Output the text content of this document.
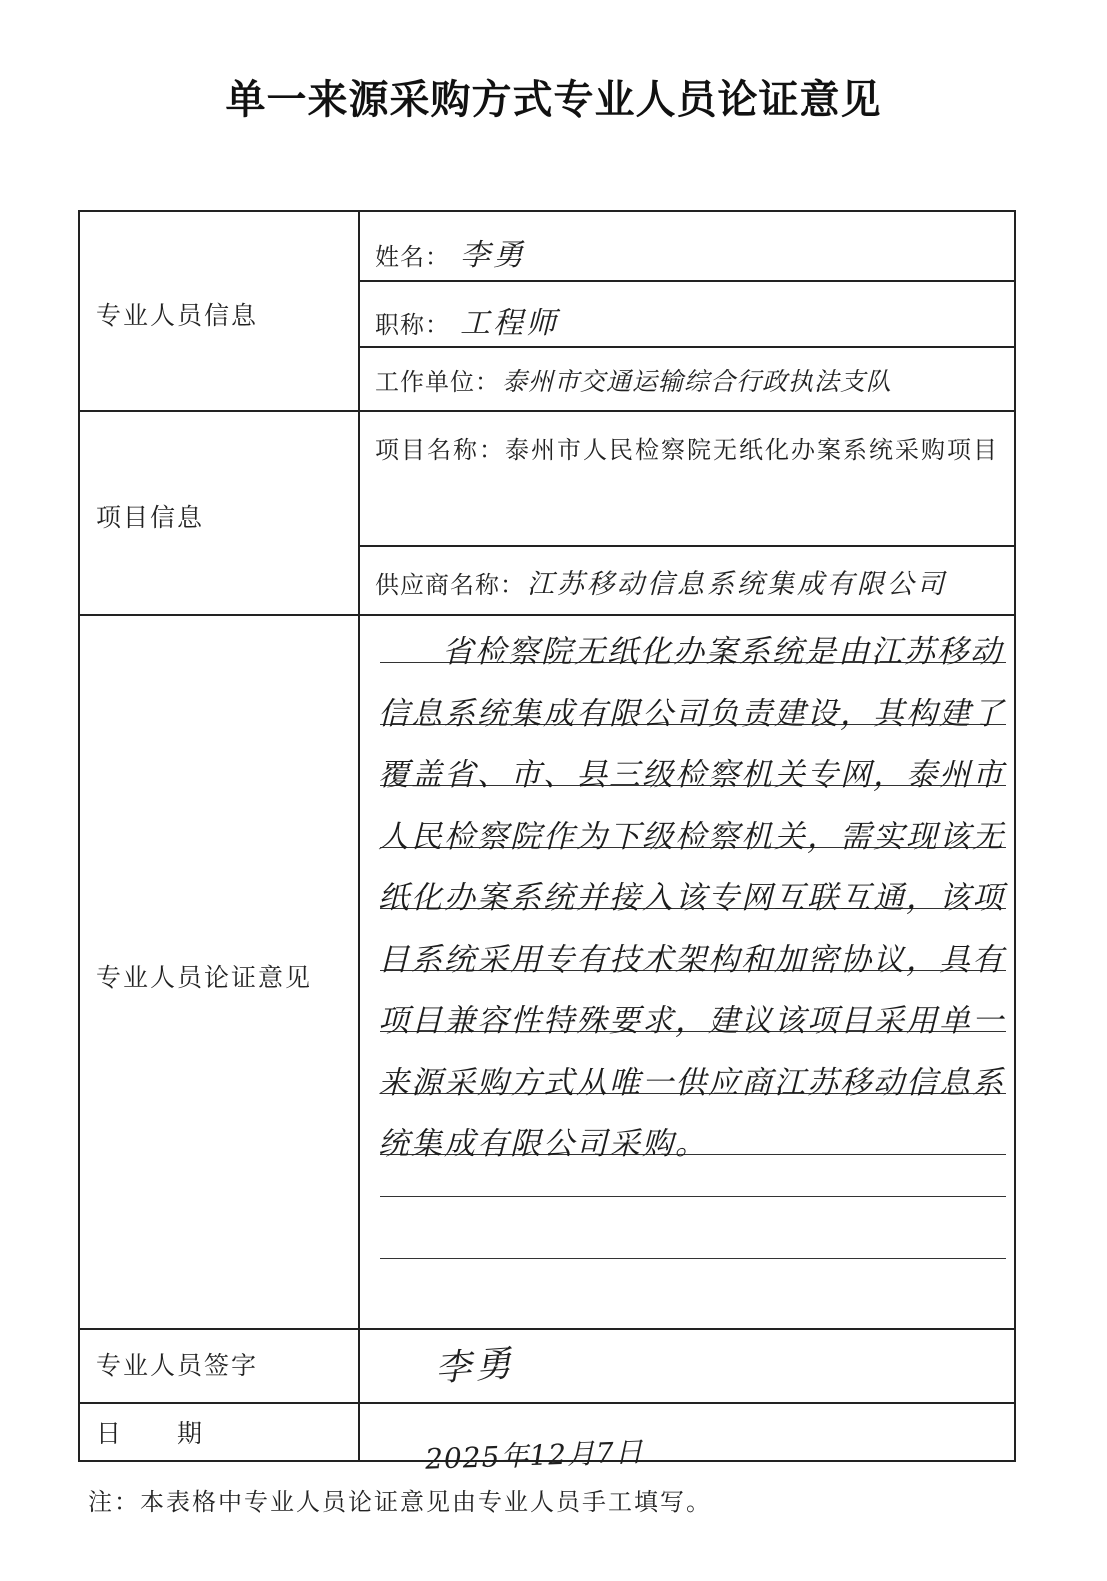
单一来源采购方式专业人员论证意见
专业人员信息
姓名： 李勇
职称： 工程师
工作单位：泰州市交通运输综合行政执法支队
项目信息
项目名称：泰州市人民检察院无纸化办案系统采购项目
供应商名称：江苏移动信息系统集成有限公司
专业人员论证意见
省检察院无纸化办案系统是由江苏移动信息系统集成有限公司负责建设，其构建了覆盖省、市、县三级检察机关专网，泰州市人民检察院作为下级检察机关，需实现该无纸化办案系统并接入该专网互联互通，该项目系统采用专有技术架构和加密协议，具有项目兼容性特殊要求，建议该项目采用单一来源采购方式从唯一供应商江苏移动信息系统集成有限公司采购。
专业人员签字	李勇
日　　期
2025年12月7日
注：本表格中专业人员论证意见由专业人员手工填写。
